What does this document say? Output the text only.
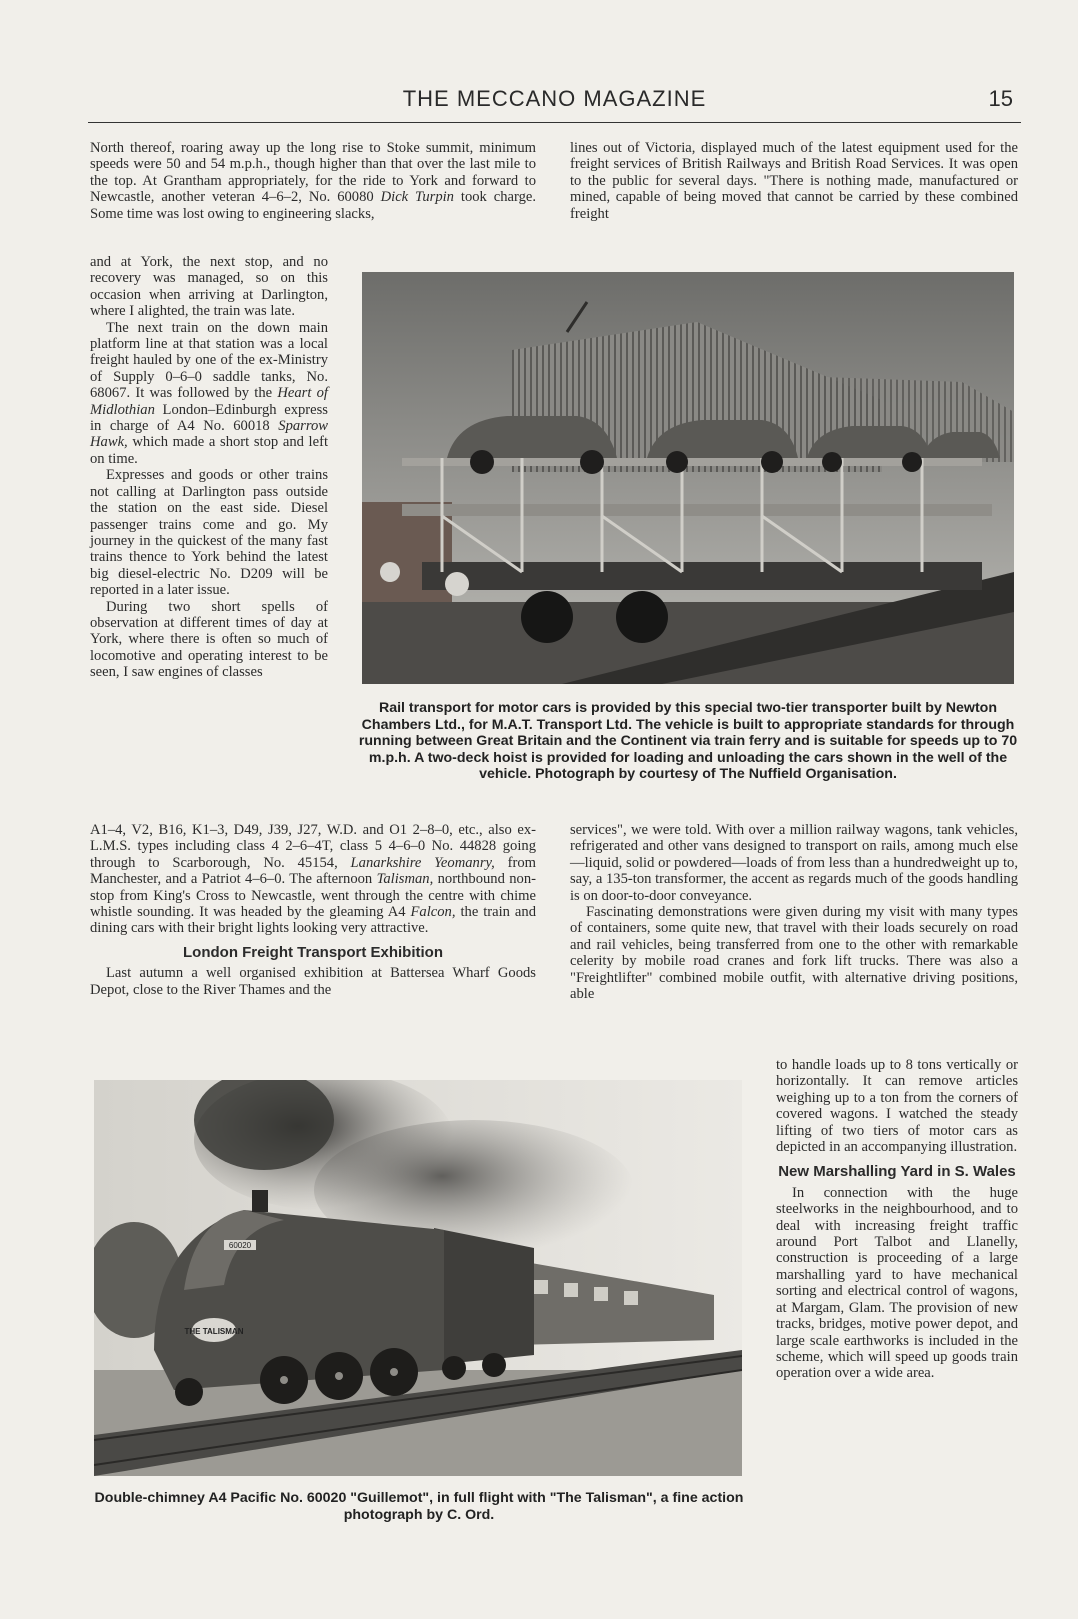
THE MECCANO MAGAZINE	15

North thereof, roaring away up the long rise to Stoke summit, minimum speeds were 50 and 54 m.p.h., though higher than that over the last mile to the top. At Grantham appropriately, for the ride to York and forward to Newcastle, another veteran 4–6–2, No. 60080 Dick Turpin took charge. Some time was lost owing to engineering slacks,

and at York, the next stop, and no recovery was managed, so on this occasion when arriving at Darlington, where I alighted, the train was late.

The next train on the down main platform line at that station was a local freight hauled by one of the ex-Ministry of Supply 0–6–0 saddle tanks, No. 68067. It was followed by the Heart of Midlothian London–Edinburgh express in charge of A4 No. 60018 Sparrow Hawk, which made a short stop and left on time.

Expresses and goods or other trains not calling at Darlington pass outside the station on the east side. Diesel passenger trains come and go. My journey in the quickest of the many fast trains thence to York behind the latest big diesel-electric No. D209 will be reported in a later issue.

During two short spells of observation at different times of day at York, where there is often so much of locomotive and operating interest to be seen, I saw engines of classes

A1–4, V2, B16, K1–3, D49, J39, J27, W.D. and O1 2–8–0, etc., also ex-L.M.S. types including class 4 2–6–4T, class 5 4–6–0 No. 44828 going through to Scarborough, No. 45154, Lanarkshire Yeomanry, from Manchester, and a Patriot 4–6–0. The afternoon Talisman, northbound non-stop from King's Cross to Newcastle, went through the centre with chime whistle sounding. It was headed by the gleaming A4 Falcon, the train and dining cars with their bright lights looking very attractive.

London Freight Transport Exhibition

Last autumn a well organised exhibition at Battersea Wharf Goods Depot, close to the River Thames and the

lines out of Victoria, displayed much of the latest equipment used for the freight services of British Railways and British Road Services. It was open to the public for several days. "There is nothing made, manufactured or mined, capable of being moved that cannot be carried by these combined freight

services", we were told. With over a million railway wagons, tank vehicles, refrigerated and other vans designed to transport on rails, among much else—liquid, solid or powdered—loads of from less than a hundredweight up to, say, a 135-ton transformer, the accent as regards much of the goods handling is on door-to-door conveyance.

Fascinating demonstrations were given during my visit with many types of containers, some quite new, that travel with their loads securely on road and rail vehicles, being transferred from one to the other with remarkable celerity by mobile road cranes and fork lift trucks. There was also a "Freightlifter" combined mobile outfit, with alternative driving positions, able

to handle loads up to 8 tons vertically or horizontally. It can remove articles weighing up to a ton from the corners of covered wagons. I watched the steady lifting of two tiers of motor cars as depicted in an accompanying illustration.

New Marshalling Yard in S. Wales

In connection with the huge steelworks in the neighbourhood, and to deal with increasing freight traffic around Port Talbot and Llanelly, construction is proceeding of a large marshalling yard to have mechanical sorting and electrical control of wagons, at Margam, Glam. The provision of new tracks, bridges, motive power depot, and large scale earthworks is included in the scheme, which will speed up goods train operation over a wide area.

Rail transport for motor cars is provided by this special two-tier transporter built by Newton Chambers Ltd., for M.A.T. Transport Ltd. The vehicle is built to appropriate standards for through running between Great Britain and the Continent via train ferry and is suitable for speeds up to 70 m.p.h. A two-deck hoist is provided for loading and unloading the cars shown in the well of the vehicle. Photograph by courtesy of The Nuffield Organisation.
THE TALISMAN
60020
Double-chimney A4 Pacific No. 60020 "Guillemot", in full flight with "The Talisman", a fine action photograph by C. Ord.
